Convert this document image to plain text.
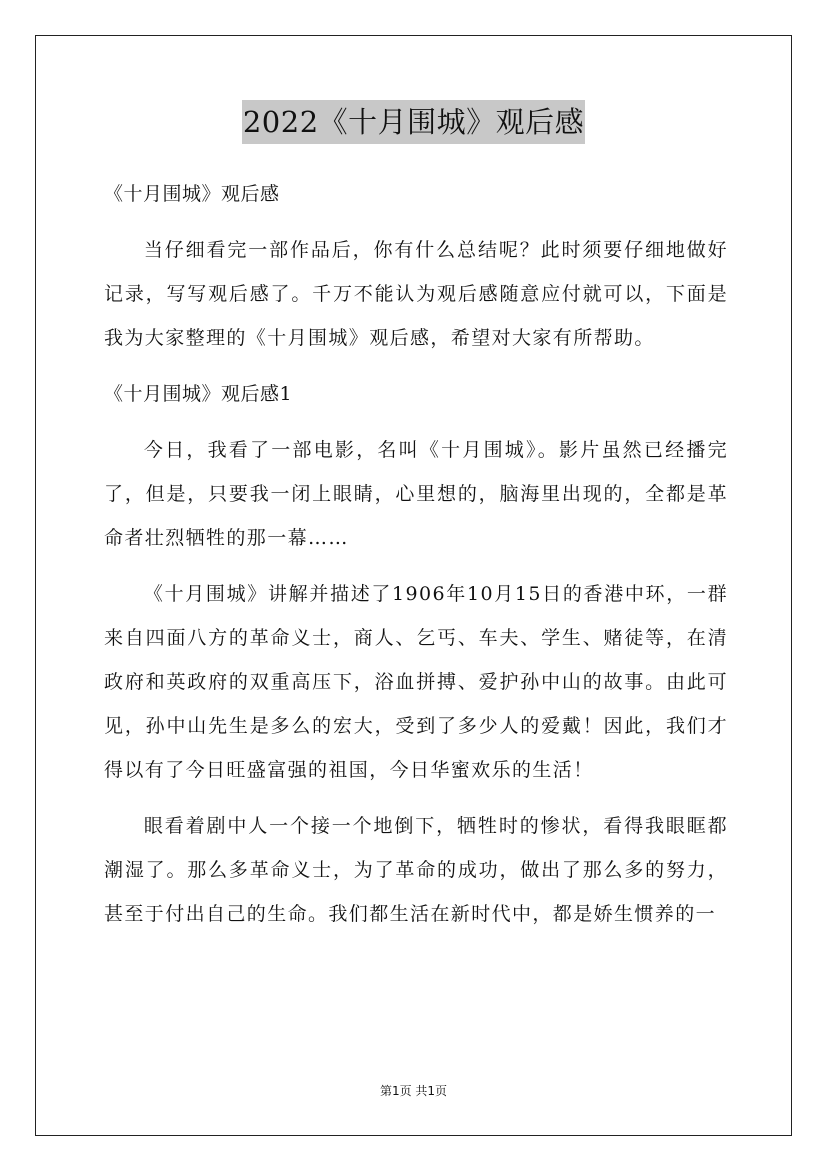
2022《十月围城》观后感

《十月围城》观后感

当仔细看完一部作品后，你有什么总结呢？此时须要仔细地做好记录，写写观后感了。千万不能认为观后感随意应付就可以，下面是我为大家整理的《十月围城》观后感，希望对大家有所帮助。

《十月围城》观后感1

今日，我看了一部电影，名叫《十月围城》。影片虽然已经播完了，但是，只要我一闭上眼睛，心里想的，脑海里出现的，全都是革命者壮烈牺牲的那一幕……

《十月围城》讲解并描述了1906年10月15日的香港中环，一群来自四面八方的革命义士，商人、乞丐、车夫、学生、赌徒等，在清政府和英政府的双重高压下，浴血拼搏、爱护孙中山的故事。由此可见，孙中山先生是多么的宏大，受到了多少人的爱戴！因此，我们才得以有了今日旺盛富强的祖国，今日华蜜欢乐的生活！

眼看着剧中人一个接一个地倒下，牺牲时的惨状，看得我眼眶都潮湿了。那么多革命义士，为了革命的成功，做出了那么多的努力，甚至于付出自己的生命。我们都生活在新时代中，都是娇生惯养的一

第1页 共1页
